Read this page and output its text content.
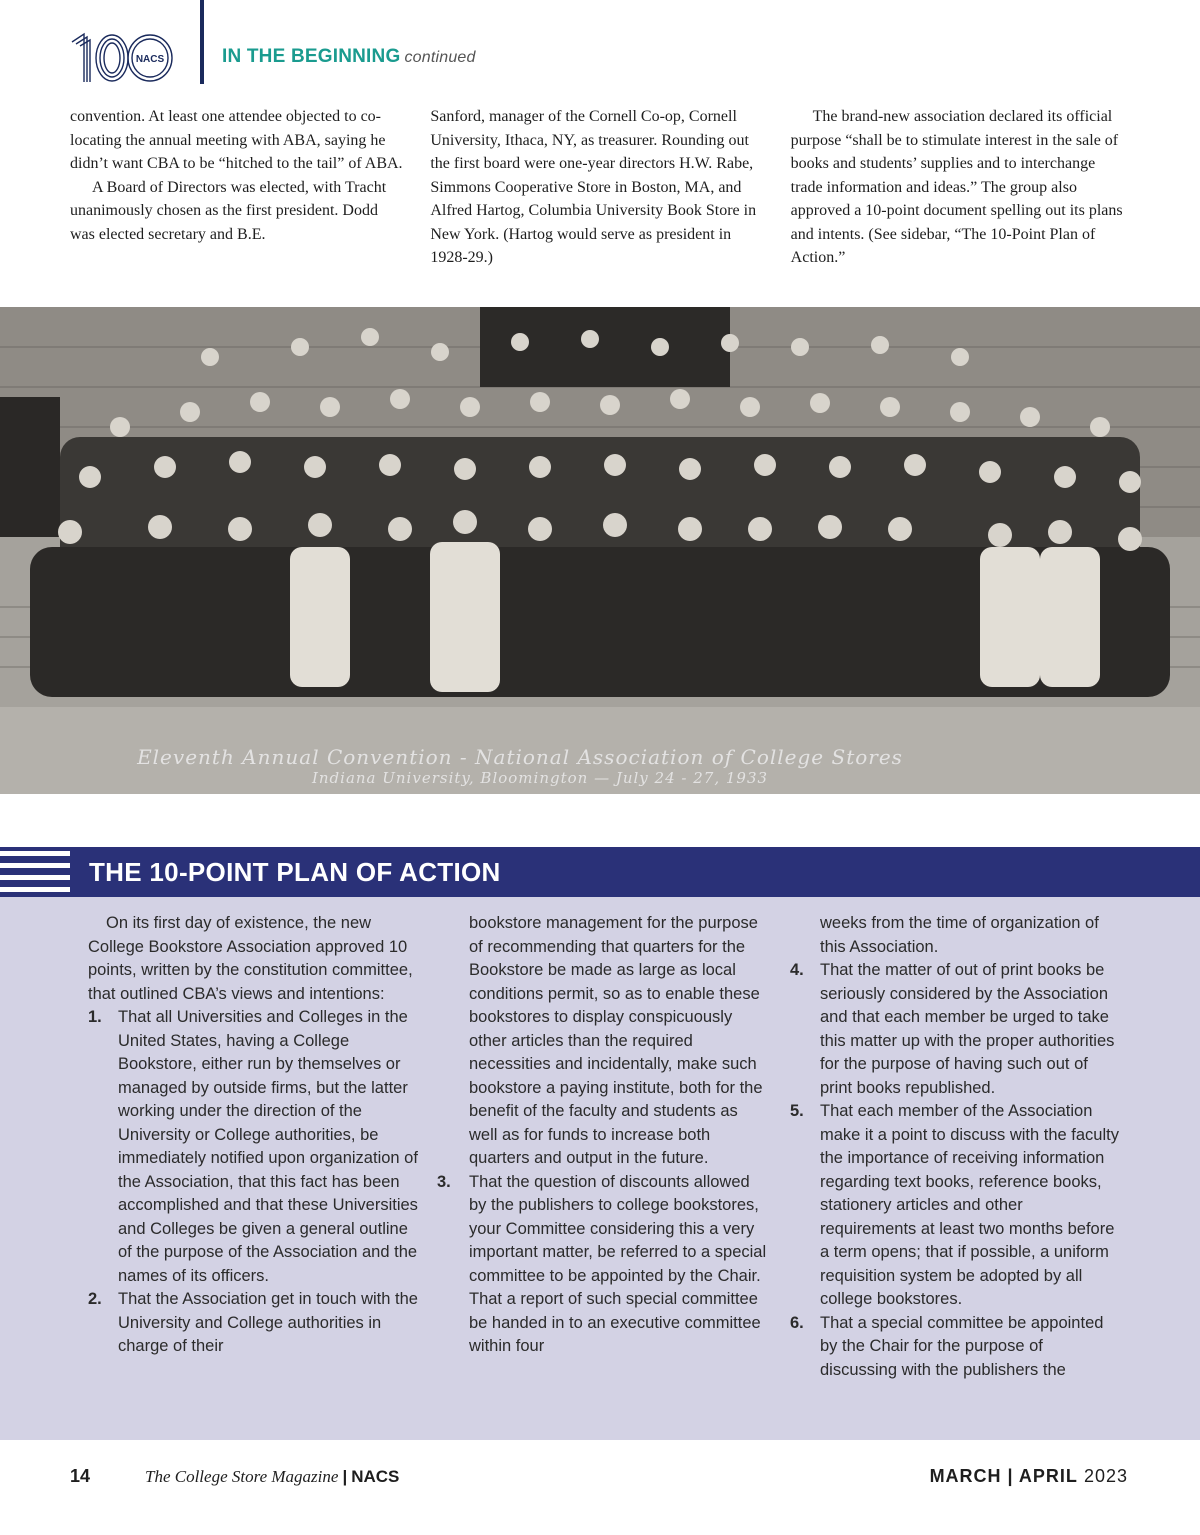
NACS	IN THE BEGINNING continued

convention. At least one attendee objected to co-locating the annual meeting with ABA, saying he didn’t want CBA to be “hitched to the tail” of ABA.

A Board of Directors was elected, with Tracht unanimously chosen as the first president. Dodd was elected secretary and B.E.

Sanford, manager of the Cornell Co-op, Cornell University, Ithaca, NY, as treasurer. Rounding out the first board were one-year directors H.W. Rabe, Simmons Cooperative Store in Boston, MA, and Alfred Hartog, Columbia University Book Store in New York. (Hartog would serve as president in 1928-29.)

The brand-new association declared its official purpose “shall be to stimulate interest in the sale of books and students’ supplies and to interchange trade information and ideas.” The group also approved a 10-point document spelling out its plans and intents. (See sidebar, “The 10-Point Plan of Action.”

Eleventh Annual Convention - National Association of College Stores
Indiana University, Bloomington — July 24 - 27, 1933
THE 10-POINT PLAN OF ACTION

On its first day of existence, the new College Bookstore Association approved 10 points, written by the constitution committee, that outlined CBA’s views and intentions:

1. That all Universities and Colleges in the United States, having a College Bookstore, either run by themselves or managed by outside firms, but the latter working under the direction of the University or College authorities, be immediately notified upon organization of the Association, that this fact has been accomplished and that these Universities and Colleges be given a general outline of the purpose of the Association and the names of its officers.
2. That the Association get in touch with the University and College authorities in charge of their

bookstore management for the purpose of recommending that quarters for the Bookstore be made as large as local conditions permit, so as to enable these bookstores to display conspicuously other articles than the required necessities and incidentally, make such bookstore a paying institute, both for the benefit of the faculty and students as well as for funds to increase both quarters and output in the future.

3. That the question of discounts allowed by the publishers to college bookstores, your Committee considering this a very important matter, be referred to a special committee to be appointed by the Chair. That a report of such special committee be handed in to an executive committee within four

weeks from the time of organization of this Association.

4. That the matter of out of print books be seriously considered by the Association and that each member be urged to take this matter up with the proper authorities for the purpose of having such out of print books republished.
5. That each member of the Association make it a point to discuss with the faculty the importance of receiving information regarding text books, reference books, stationery articles and other requirements at least two months before a term opens; that if possible, a uniform requisition system be adopted by all college bookstores.
6. That a special committee be appointed by the Chair for the purpose of discussing with the publishers the
14	The College Store Magazine | NACS	MARCH | APRIL 2023
